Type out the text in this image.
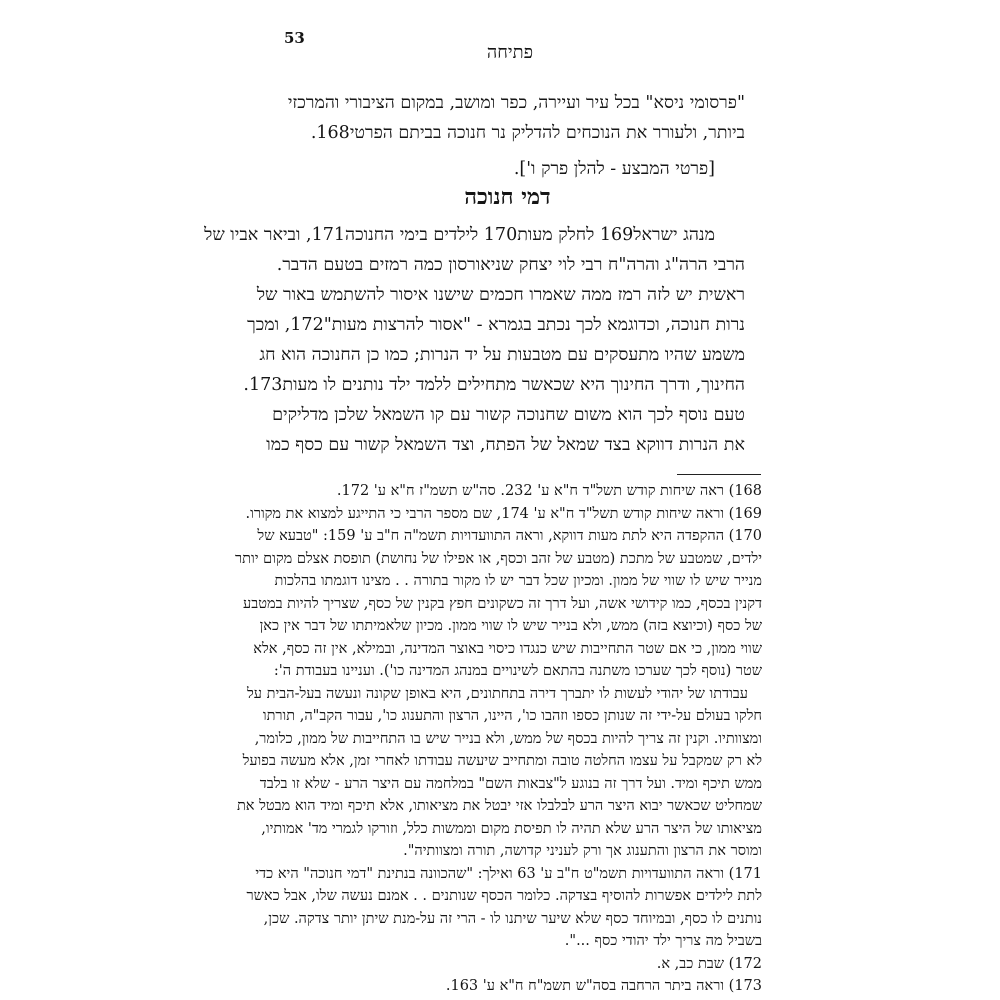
53
פתיחה
"פרסומי ניסא" בכל עיר ועיירה, כפר ומושב, במקום הציבורי והמרכזי
ביותר, ולעורר את הנוכחים להדליק נר חנוכה בביתם הפרטי168.
[פרטי המבצע - להלן פרק ו'].
דמי חנוכה
מנהג ישראל169 לחלק מעות170 לילדים בימי החנוכה171, וביאר אביו של
הרבי הרה"ג והרה"ח רבי לוי יצחק שניאורסון כמה רמזים בטעם הדבר.
ראשית יש לזה רמז ממה שאמרו חכמים שישנו איסור להשתמש באור של
נרות חנוכה, וכדוגמא לכך נכתב בגמרא - "אסור להרצות מעות"172, ומכך
משמע שהיו מתעסקים עם מטבעות על יד הנרות; כמו כן החנוכה הוא חג
החינוך, ודרך החינוך היא שכאשר מתחילים ללמד ילד נותנים לו מעות173.
טעם נוסף לכך הוא משום שחנוכה קשור עם קו השמאל שלכן מדליקים
את הנרות דווקא בצד שמאל של הפתח, וצד השמאל קשור עם כסף כמו
168) ראה שיחות קודש תשל"ד ח"א ע' 232. סה"ש תשמ"ז ח"א ע' 172.
169) וראה שיחות קודש תשל"ד ח"א ע' 174, שם מספר הרבי כי התייגע למצוא את מקורו.
170) ההקפדה היא לתת מעות דווקא, וראה התוועדויות תשמ"ה ח"ב ע' 159: "טבעא של
ילדים, שמטבע של מתכת (מטבע של זהב וכסף, או אפילו של נחושת) תופסת אצלם מקום יותר
מנייר שיש לו שווי של ממון. ומכיון שכל דבר יש לו מקור בתורה . . מצינו דוגמתו בהלכות
דקנין בכסף, כמו קידושי אשה, ועל דרך זה כשקונים חפץ בקנין של כסף, שצריך להיות במטבע
של כסף (וכיוצא בזה) ממש, ולא בנייר שיש לו שווי ממון. מכיון שלאמיתתו של דבר אין כאן
שווי ממון, כי אם שטר התחייבות שיש כנגדו כיסוי באוצר המדינה, ובמילא, אין זה כסף, אלא
שטר (נוסף לכך שערכו משתנה בהתאם לשינויים במנהג המדינה כו'). ועניינו בעבודת ה':
עבודתו של יהודי לעשות לו יתברך דירה בתחתונים, היא באופן שקונה ונעשה בעל-הבית על
חלקו בעולם על-ידי זה שנותן כספו וזהבו כו', היינו, הרצון והתענוג כו', עבור הקב"ה, תורתו
ומצוותיו. וקנין זה צריך להיות בכסף של ממש, ולא בנייר שיש בו התחייבות של ממון, כלומר,
לא רק שמקבל על עצמו החלטה טובה ומתחייב שיעשה עבודתו לאחרי זמן, אלא מעשה בפועל
ממש תיכף ומיד. ועל דרך זה בנוגע ל"צבאות השם" במלחמה עם היצר הרע - שלא זו בלבד
שמחליט שכאשר יבוא היצר הרע לבלבלו אזי יבטל את מציאותו, אלא תיכף ומיד הוא מבטל את
מציאותו של היצר הרע שלא תהיה לו תפיסת מקום וממשות כלל, וזורקו לגמרי מד' אמותיו,
ומוסר את הרצון והתענוג אך ורק לעניני קדושה, תורה ומצוותיה".
171) וראה התוועדויות תשמ"ט ח"ב ע' 63 ואילך: "שהכוונה בנתינת "דמי חנוכה" היא כדי
לתת לילדים אפשרות להוסיף בצדקה. כלומר הכסף שנותנים . . אמנם נעשה שלו, אבל כאשר
נותנים לו כסף, ובמיוחד כסף שלא שיער שיתנו לו - הרי זה על-מנת שיתן יותר צדקה. שכן,
בשביל מה צריך ילד יהודי כסף ...".
172) שבת כב, א.
173) וראה ביתר הרחבה בסה"ש תשמ"ח ח"א ע' 163.
